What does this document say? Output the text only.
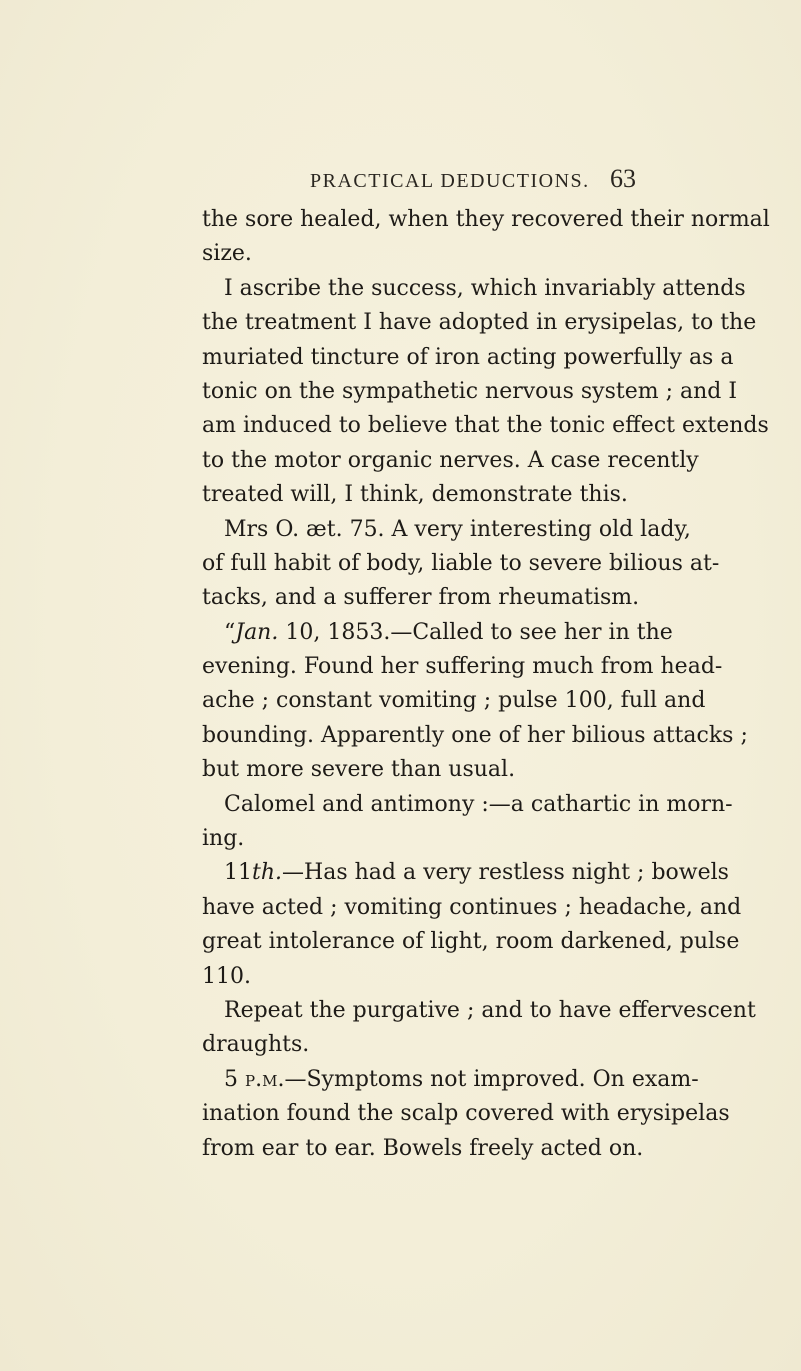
PRACTICAL DEDUCTIONS. 63
the sore healed, when they recovered their normal
size.
I ascribe the success, which invariably attends
the treatment I have adopted in erysipelas, to the
muriated tincture of iron acting powerfully as a
tonic on the sympathetic nervous system ; and I
am induced to believe that the tonic effect extends
to the motor organic nerves. A case recently
treated will, I think, demonstrate this.
Mrs O. æt. 75. A very interesting old lady,
of full habit of body, liable to severe bilious at-
tacks, and a sufferer from rheumatism.
“Jan. 10, 1853.—Called to see her in the
evening. Found her suffering much from head-
ache ; constant vomiting ; pulse 100, full and
bounding. Apparently one of her bilious attacks ;
but more severe than usual.
Calomel and antimony :—a cathartic in morn-
ing.
11th.—Has had a very restless night ; bowels
have acted ; vomiting continues ; headache, and
great intolerance of light, room darkened, pulse
110.
Repeat the purgative ; and to have effervescent
draughts.
5 p.m.—Symptoms not improved. On exam-
ination found the scalp covered with erysipelas
from ear to ear. Bowels freely acted on.
